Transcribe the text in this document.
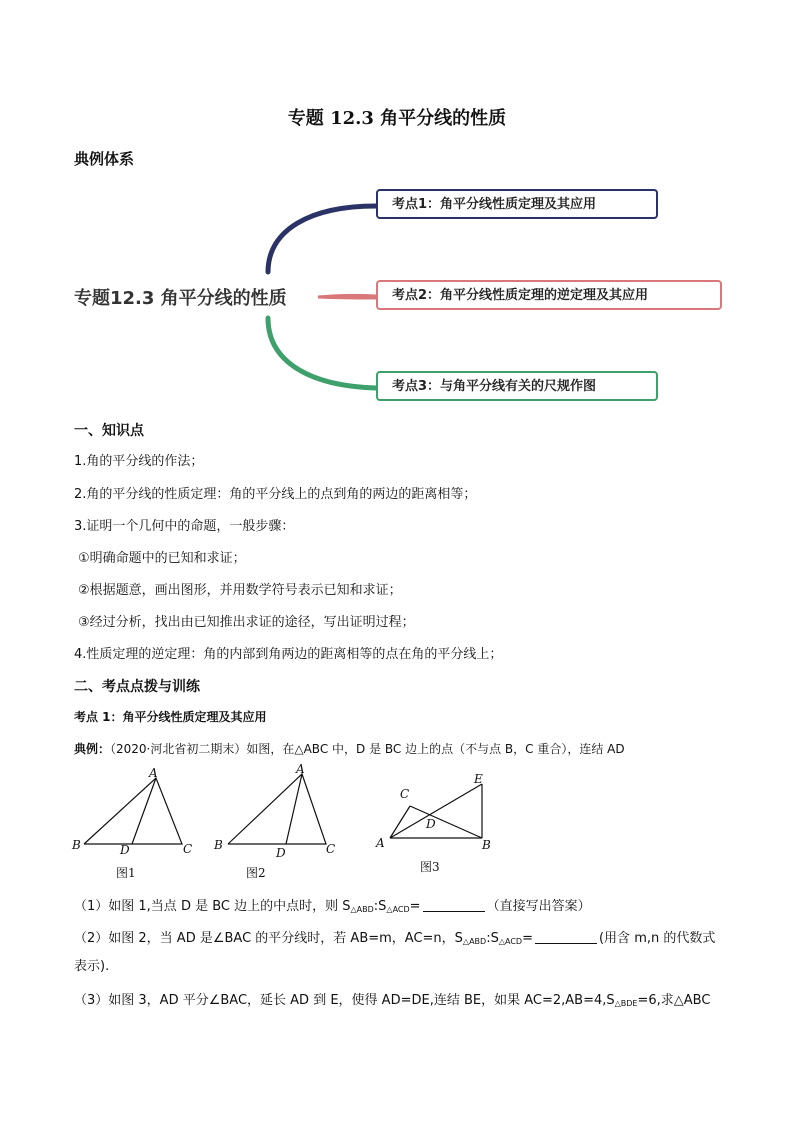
专题 12.3 角平分线的性质
典例体系
专题12.3 角平分线的性质
考点1：角平分线性质定理及其应用
考点2：角平分线性质定理的逆定理及其应用
考点3：与角平分线有关的尺规作图
一、知识点
1.角的平分线的作法；
2.角的平分线的性质定理：角的平分线上的点到角的两边的距离相等；
3.证明一个几何中的命题，一般步骤：
①明确命题中的已知和求证；
②根据题意，画出图形，并用数学符号表示已知和求证；
③经过分析，找出由已知推出求证的途径，写出证明过程；
4.性质定理的逆定理：角的内部到角两边的距离相等的点在角的平分线上；
二、考点点拨与训练
考点 1：角平分线性质定理及其应用
典例：（2020·河北省初二期末）如图，在△ABC 中，D 是 BC 边上的点（不与点 B，C 重合），连结 AD
A
B	D	C
图1
A
B
D	C
图2
C
E
D
A	B
图3
（1）如图 1,当点 D 是 BC 边上的中点时，则 $S_{\triangle ABD}:S_{\triangle ACD}=$	（直接写出答案）
（2）如图 2，当 AD 是∠BAC 的平分线时，若 AB=m，AC=n，$S_{\triangle ABD}:S_{\triangle ACD}=$	(用含 m,n 的代数式
表示).
（3）如图 3，AD 平分∠BAC，延长 AD 到 E，使得 AD=DE,连结 BE，如果 $AC=2,AB=4,S_{\triangle BDE}=6$,求△ABC
